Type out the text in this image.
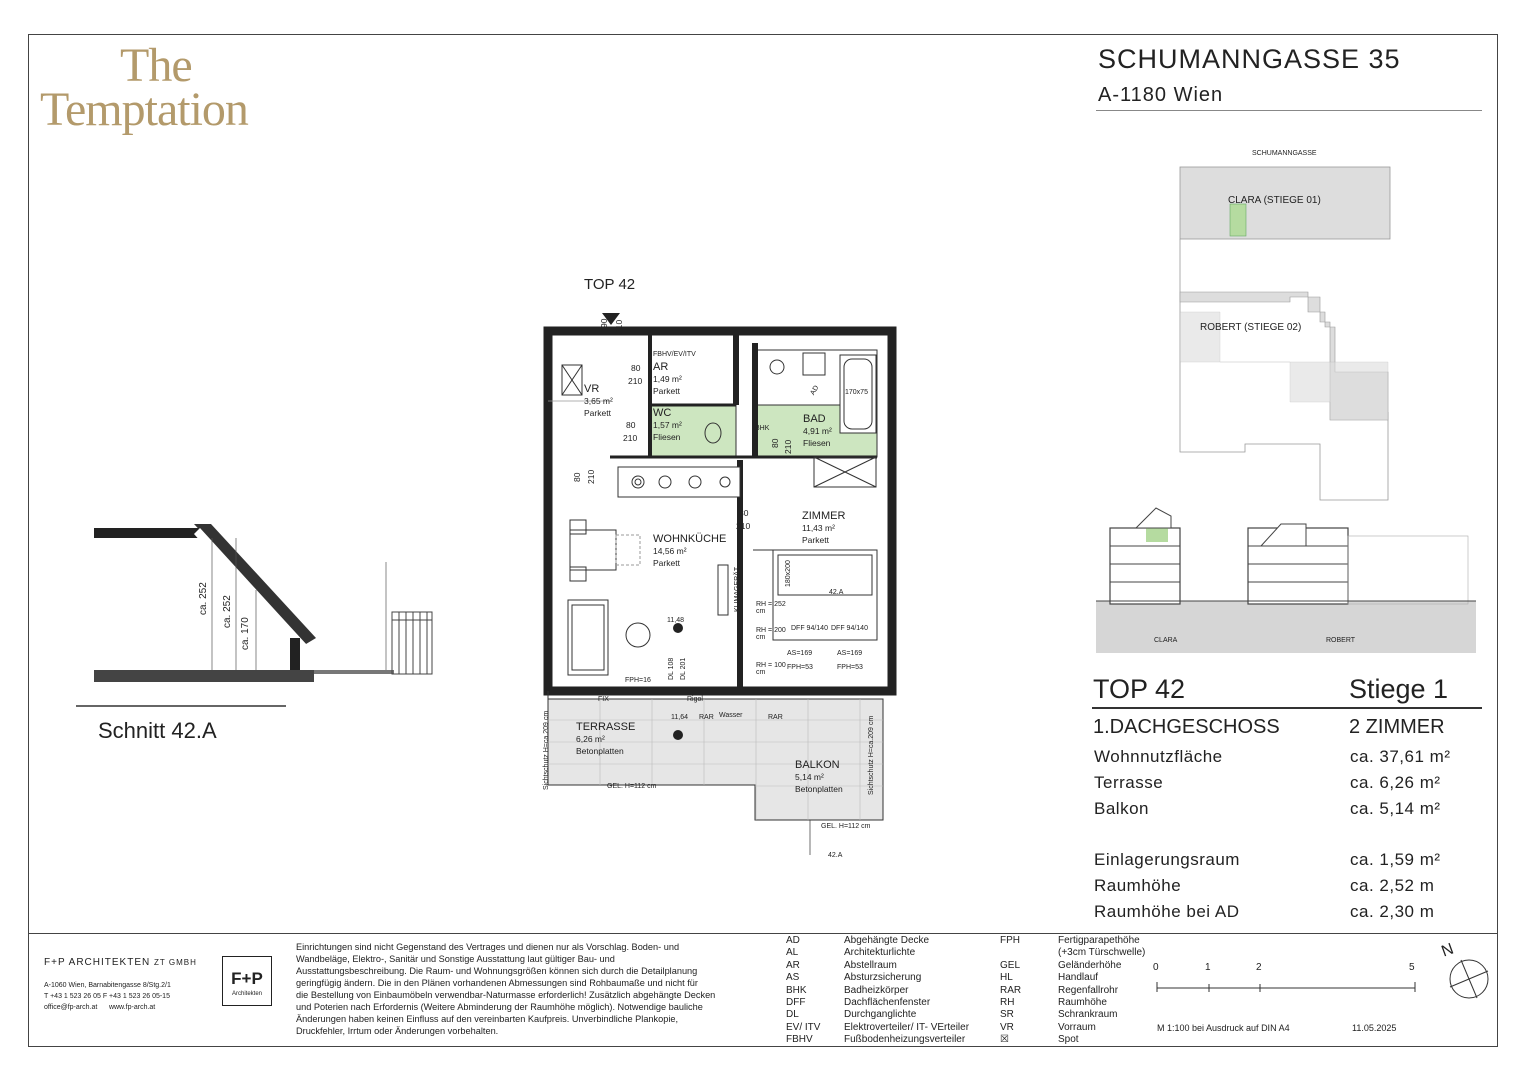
The
Temptation
SCHUMANNGASSE 35
A-1180 Wien
SCHUMANNGASSE
CLARA (STIEGE 01)
ROBERT (STIEGE 02)
CLARA	ROBERT
TOP 42	Stiege 1
1.DACHGESCHOSS	2 ZIMMER
Wohnnutzfläche	ca. 37,61 m²
Terrasse	ca. 6,26 m²
Balkon	ca. 5,14 m²
Einlagerungsraum	ca. 1,59 m²
Raumhöhe	ca. 2,52 m
Raumhöhe bei AD	ca. 2,30 m
ca. 252 ca. 252
ca. 170
Schnitt 42.A
TOP 42
90 210
VR
3,65 m²
Parkett
FBHV/EV/ITV
AR
1,49 m²
Parkett
WC
1,57 m²
Fliesen
BAD
4,91 m²
Fliesen
BHK
170x75
AD
WOHNKÜCHE
14,56 m²
Parkett
ZIMMER
11,43 m²
Parkett
TERRASSE
6,26 m²
Betonplatten
BALKON
5,14 m²
Betonplatten
80
210
80
210
80
210
80 210
80 210
180x200
KLIMAGERÄT	42.A
RH = 252 cm
RH = 200 cm
RH = 100 cm
DFF 94/140 DFF 94/140
AS=169	AS=169
FPH=53	FPH=53
FPH=16
DL 108 DL 201
11,48
11,64
FIX	Rigol
RAR Wasser	RAR
GEL. H=112 cm
GEL. H=112 cm
42.A
Sichtschutz H=ca.209 cm	Sichtschutz H=ca.209 cm
F+P ARCHITEKTEN ZT GMBH
A-1060 Wien, Barnabitengasse 8/Stg.2/1
T +43 1 523 26 05 F +43 1 523 26 05-15
office@fp-arch.at      www.fp-arch.at
F+P
Architekten
Einrichtungen sind nicht Gegenstand des Vertrages und dienen nur als Vorschlag. Boden- und
Wandbeläge, Elektro-, Sanitär und Sonstige Ausstattung laut gültiger Bau- und
Ausstattungsbeschreibung. Die Raum- und Wohnungsgrößen können sich durch die Detailplanung
geringfügig ändern. Die in den Plänen vorhandenen Abmessungen sind Rohbaumaße und nicht für
die Bestellung von Einbaumöbeln verwendbar-Naturmasse erforderlich! Zusätzlich abgehängte Decken
und Poterien nach Erfordernis (Weitere Abminderung der Raumhöhe möglich). Notwendige bauliche
Änderungen haben keinen Einfluss auf den vereinbarten Kaufpreis. Unverbindliche Plankopie,
Druckfehler, Irrtum oder Änderungen vorbehalten.
AD	Abgehängte Decke
AL	Architekturlichte
AR	Abstellraum
AS	Absturzsicherung
BHK	Badheizkörper
DFF	Dachflächenfenster
DL	Durchganglichte
EV/ ITV	Elektroverteiler/ IT- VErteiler
FBHV	Fußbodenheizungsverteiler
FPH	Fertigparapethöhe
(+3cm Türschwelle)
GEL	Geländerhöhe
HL	Handlauf
RAR	Regenfallrohr
RH	Raumhöhe
SR	Schrankraum
VR	Vorraum
☒	Spot
0	1	2	5
M 1:100 bei Ausdruck auf DIN A4	11.05.2025
N
